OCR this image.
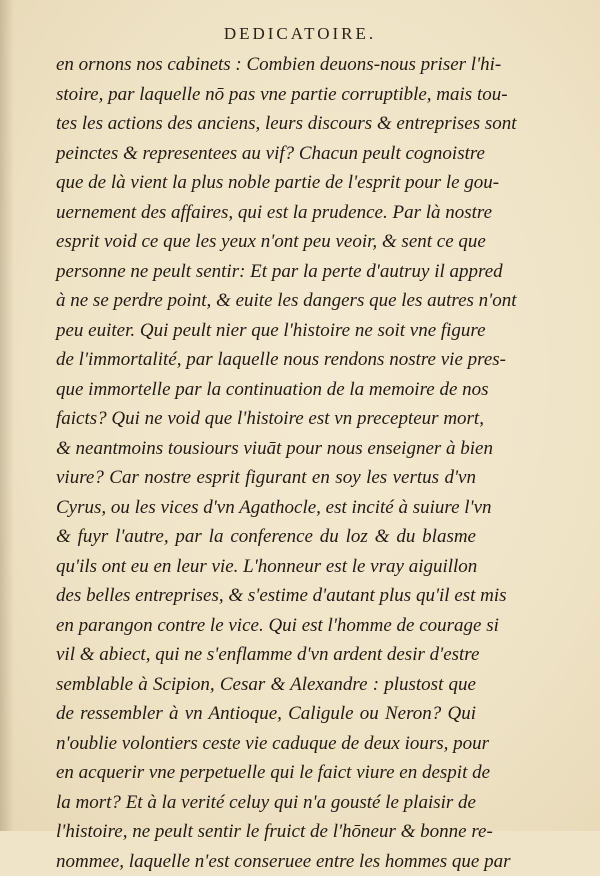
DEDICATOIRE.
en ornons nos cabinets : Combien deuons-nous priser l'hi-
stoire, par laquelle nō pas vne partie corruptible, mais tou-
tes les actions des anciens, leurs discours & entreprises sont
peinctes & representees au vif? Chacun peult cognoistre
que de là vient la plus noble partie de l'esprit pour le gou-
uernement des affaires, qui est la prudence. Par là nostre
esprit void ce que les yeux n'ont peu veoir, & sent ce que
personne ne peult sentir: Et par la perte d'autruy il appred
à ne se perdre point, & euite les dangers que les autres n'ont
peu euiter. Qui peult nier que l'histoire ne soit vne figure
de l'immortalité, par laquelle nous rendons nostre vie pres-
que immortelle par la continuation de la memoire de nos
faicts? Qui ne void que l'histoire est vn precepteur mort,
& neantmoins tousiours viuāt pour nous enseigner à bien
viure? Car nostre esprit figurant en soy les vertus d'vn
Cyrus, ou les vices d'vn Agathocle, est incité à suiure l'vn
& fuyr l'autre, par la conference du loz & du blasme
qu'ils ont eu en leur vie. L'honneur est le vray aiguillon
des belles entreprises, & s'estime d'autant plus qu'il est mis
en parangon contre le vice. Qui est l'homme de courage si
vil & abiect, qui ne s'enflamme d'vn ardent desir d'estre
semblable à Scipion, Cesar & Alexandre : plustost que
de ressembler à vn Antioque, Caligule ou Neron? Qui
n'oublie volontiers ceste vie caduque de deux iours, pour
en acquerir vne perpetuelle qui le faict viure en despit de
la mort? Et à la verité celuy qui n'a gousté le plaisir de
l'histoire, ne peult sentir le fruict de l'hōneur & bonne re-
nommee, laquelle n'est conseruee entre les hommes que par
